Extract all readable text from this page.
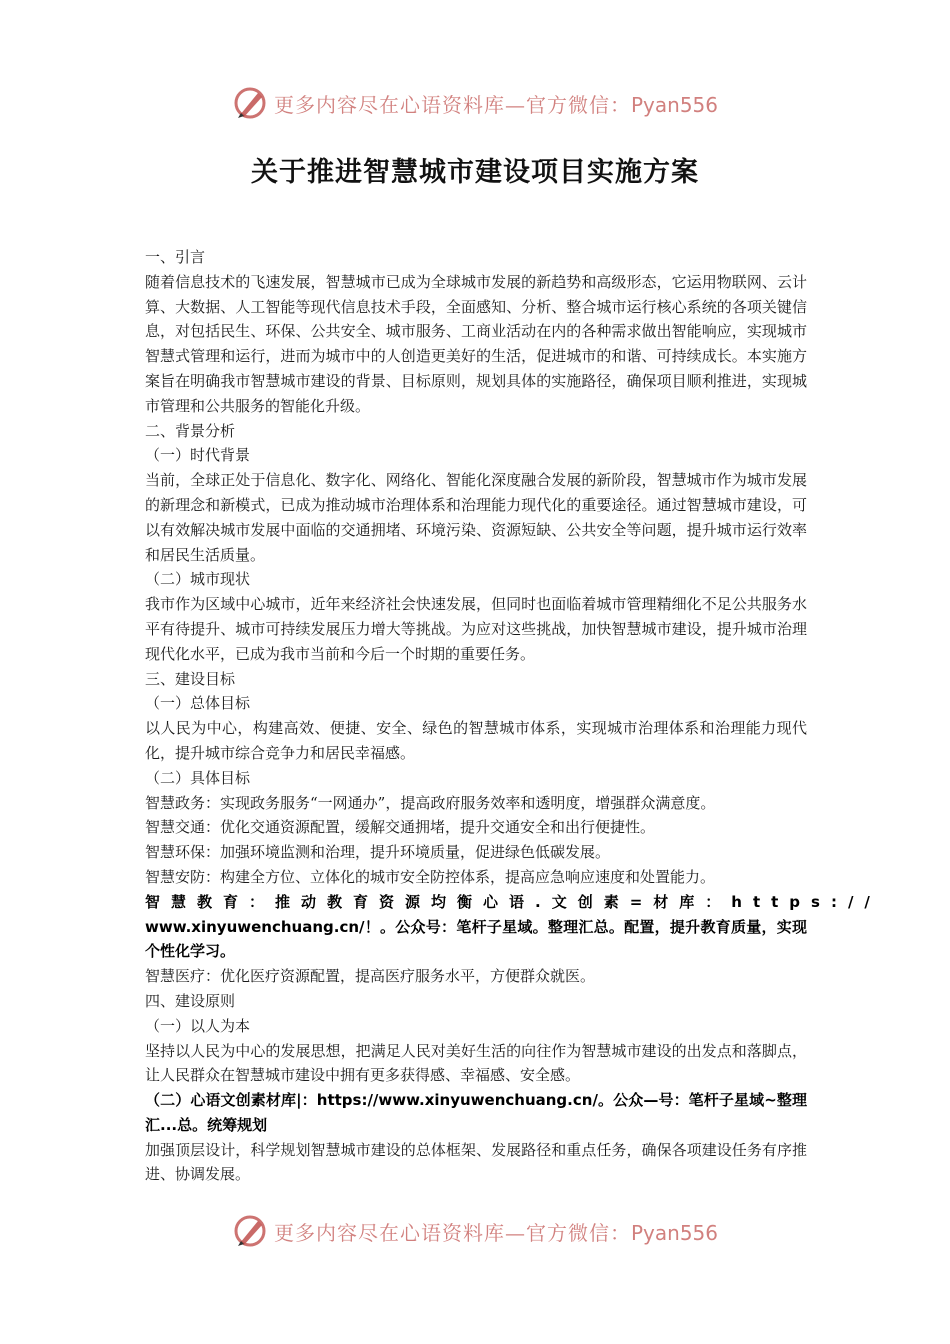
更多内容尽在心语资料库—官方微信：Pyan556
关于推进智慧城市建设项目实施方案

一、引言

随着信息技术的飞速发展，智慧城市已成为全球城市发展的新趋势和高级形态，它运用物联网、云计算、大数据、人工智能等现代信息技术手段，全面感知、分析、整合城市运行核心系统的各项关键信息，对包括民生、环保、公共安全、城市服务、工商业活动在内的各种需求做出智能响应，实现城市智慧式管理和运行，进而为城市中的人创造更美好的生活，促进城市的和谐、可持续成长。本实施方案旨在明确我市智慧城市建设的背景、目标原则，规划具体的实施路径，确保项目顺利推进，实现城市管理和公共服务的智能化升级。

二、背景分析

（一）时代背景

当前，全球正处于信息化、数字化、网络化、智能化深度融合发展的新阶段，智慧城市作为城市发展的新理念和新模式，已成为推动城市治理体系和治理能力现代化的重要途径。通过智慧城市建设，可以有效解决城市发展中面临的交通拥堵、环境污染、资源短缺、公共安全等问题，提升城市运行效率和居民生活质量。

（二）城市现状

我市作为区域中心城市，近年来经济社会快速发展，但同时也面临着城市管理精细化不足公共服务水平有待提升、城市可持续发展压力增大等挑战。为应对这些挑战，加快智慧城市建设，提升城市治理现代化水平，已成为我市当前和今后一个时期的重要任务。

三、建设目标

（一）总体目标

以人民为中心，构建高效、便捷、安全、绿色的智慧城市体系，实现城市治理体系和治理能力现代化，提升城市综合竞争力和居民幸福感。

（二）具体目标

智慧政务：实现政务服务“一网通办”，提高政府服务效率和透明度，增强群众满意度。

智慧交通：优化交通资源配置，缓解交通拥堵，提升交通安全和出行便捷性。

智慧环保：加强环境监测和治理，提升环境质量，促进绿色低碳发展。

智慧安防：构建全方位、立体化的城市安全防控体系，提高应急响应速度和处置能力。

智慧教育：推动教育资源均衡心语.文创素=材库：https://

www.xinyuwenchuang.cn/！。公众号：笔杆子星域。整理汇总。配置，提升教育质量，实现个性化学习。

智慧医疗：优化医疗资源配置，提高医疗服务水平，方便群众就医。

四、建设原则

（一）以人为本

坚持以人民为中心的发展思想，把满足人民对美好生活的向往作为智慧城市建设的出发点和落脚点，让人民群众在智慧城市建设中拥有更多获得感、幸福感、安全感。

（二）心语文创素材库|：https://www.xinyuwenchuang.cn/。公众—号：笔杆子星域~整理汇...总。统筹规划

加强顶层设计，科学规划智慧城市建设的总体框架、发展路径和重点任务，确保各项建设任务有序推进、协调发展。

更多内容尽在心语资料库—官方微信：Pyan556
